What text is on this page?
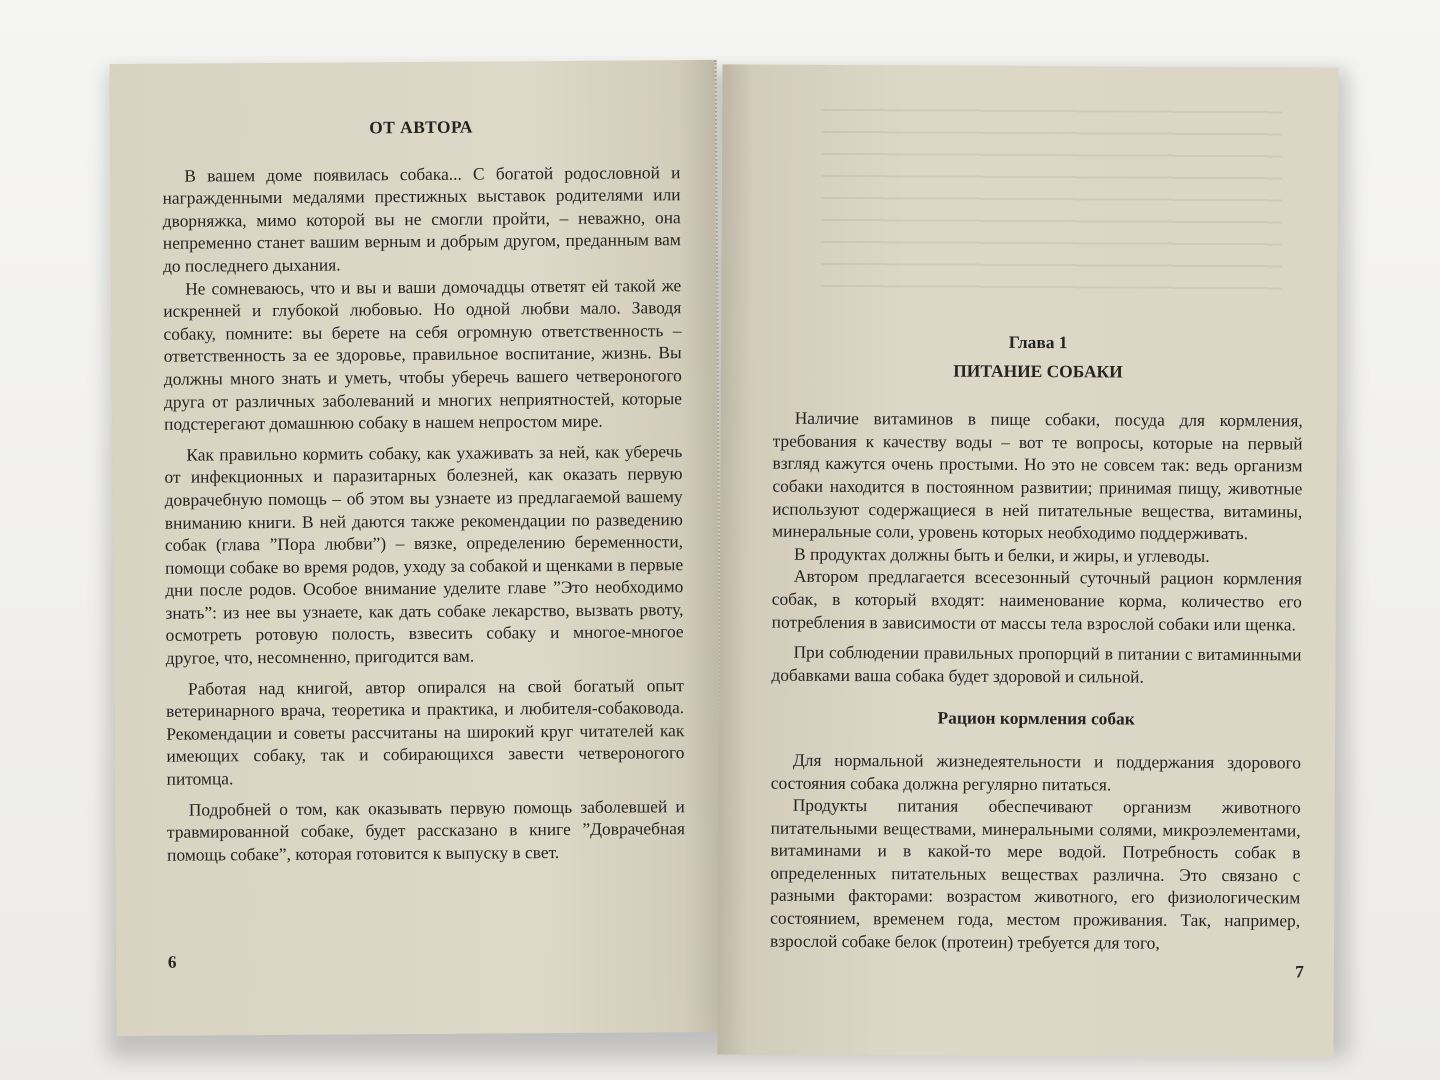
ОТ АВТОРА

В вашем доме появилась собака... С богатой родословной и награжденными медалями престижных выставок родителями или дворняжка, мимо которой вы не смогли пройти, – неважно, она непременно станет вашим верным и добрым другом, преданным вам до последнего дыхания.

Не сомневаюсь, что и вы и ваши домочадцы ответят ей такой же искренней и глубокой любовью. Но одной любви мало. Заводя собаку, помните: вы берете на себя огромную ответственность – ответственность за ее здоровье, правильное воспитание, жизнь. Вы должны много знать и уметь, чтобы уберечь вашего четвероногого друга от различных заболеваний и многих неприятностей, которые подстерегают домашнюю собаку в нашем непростом мире.

Как правильно кормить собаку, как ухаживать за ней, как уберечь от инфекционных и паразитарных болезней, как оказать первую доврачебную помощь – об этом вы узнаете из предлагаемой вашему вниманию книги. В ней даются также рекомендации по разведению собак (глава ”Пора любви”) – вязке, определению беременности, помощи собаке во время родов, уходу за собакой и щенками в первые дни после родов. Особое внимание уделите главе ”Это необходимо знать”: из нее вы узнаете, как дать собаке лекарство, вызвать рвоту, осмотреть ротовую полость, взвесить собаку и многое-многое другое, что, несомненно, пригодится вам.

Работая над книгой, автор опирался на свой богатый опыт ветеринарного врача, теоретика и практика, и любителя-собаковода. Рекомендации и советы рассчитаны на широкий круг читателей как имеющих собаку, так и собирающихся завести четвероногого питомца.

Подробней о том, как оказывать первую помощь заболевшей и травмированной собаке, будет рассказано в книге ”Доврачебная помощь собаке”, которая готовится к выпуску в свет.

6
Глава 1
ПИТАНИЕ СОБАКИ

Наличие витаминов в пище собаки, посуда для кормления, требования к качеству воды – вот те вопросы, которые на первый взгляд кажутся очень простыми. Но это не совсем так: ведь организм собаки находится в постоянном развитии; принимая пищу, животные используют содержащиеся в ней питательные вещества, витамины, минеральные соли, уровень которых необходимо поддерживать.

В продуктах должны быть и белки, и жиры, и углеводы.

Автором предлагается всесезонный суточный рацион кормления собак, в который входят: наименование корма, количество его потребления в зависимости от массы тела взрослой собаки или щенка.

При соблюдении правильных пропорций в питании с витаминными добавками ваша собака будет здоровой и сильной.

Рацион кормления собак

Для нормальной жизнедеятельности и поддержания здорового состояния собака должна регулярно питаться.

Продукты питания обеспечивают организм животного питательными веществами, минеральными солями, микроэлементами, витаминами и в какой-то мере водой. Потребность собак в определенных питательных веществах различна. Это связано с разными факторами: возрастом животного, его физиологическим состоянием, временем года, местом проживания. Так, например, взрослой собаке белок (протеин) требуется для того,

7
